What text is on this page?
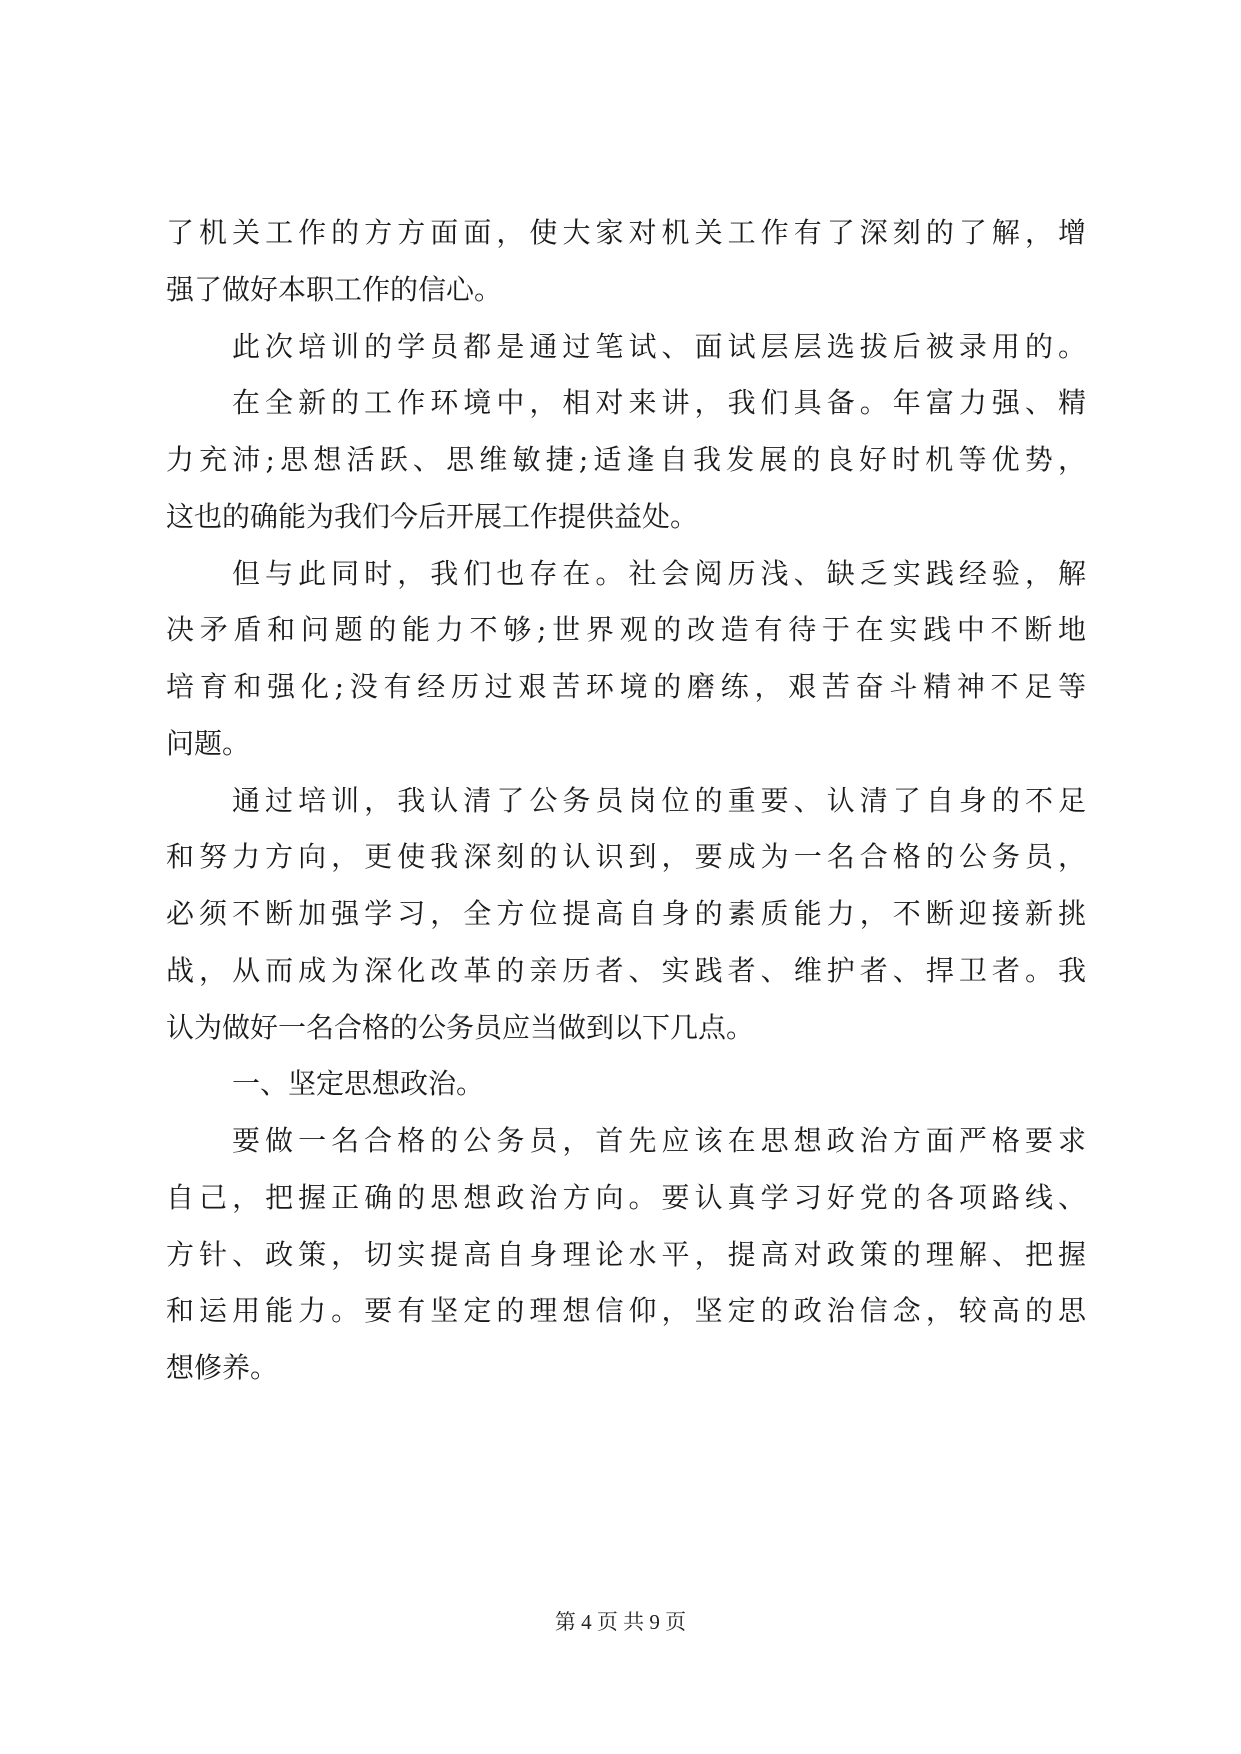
了机关工作的方方面面，使大家对机关工作有了深刻的了解，增
强了做好本职工作的信心。
此次培训的学员都是通过笔试、面试层层选拔后被录用的。
在全新的工作环境中，相对来讲，我们具备。年富力强、精
力充沛;思想活跃、思维敏捷;适逢自我发展的良好时机等优势，
这也的确能为我们今后开展工作提供益处。
但与此同时，我们也存在。社会阅历浅、缺乏实践经验，解
决矛盾和问题的能力不够;世界观的改造有待于在实践中不断地
培育和强化;没有经历过艰苦环境的磨练，艰苦奋斗精神不足等
问题。
通过培训，我认清了公务员岗位的重要、认清了自身的不足
和努力方向，更使我深刻的认识到，要成为一名合格的公务员，
必须不断加强学习，全方位提高自身的素质能力，不断迎接新挑
战，从而成为深化改革的亲历者、实践者、维护者、捍卫者。我
认为做好一名合格的公务员应当做到以下几点。
一、坚定思想政治。
要做一名合格的公务员，首先应该在思想政治方面严格要求
自己，把握正确的思想政治方向。要认真学习好党的各项路线、
方针、政策，切实提高自身理论水平，提高对政策的理解、把握
和运用能力。要有坚定的理想信仰，坚定的政治信念，较高的思
想修养。
第 4 页 共 9 页
